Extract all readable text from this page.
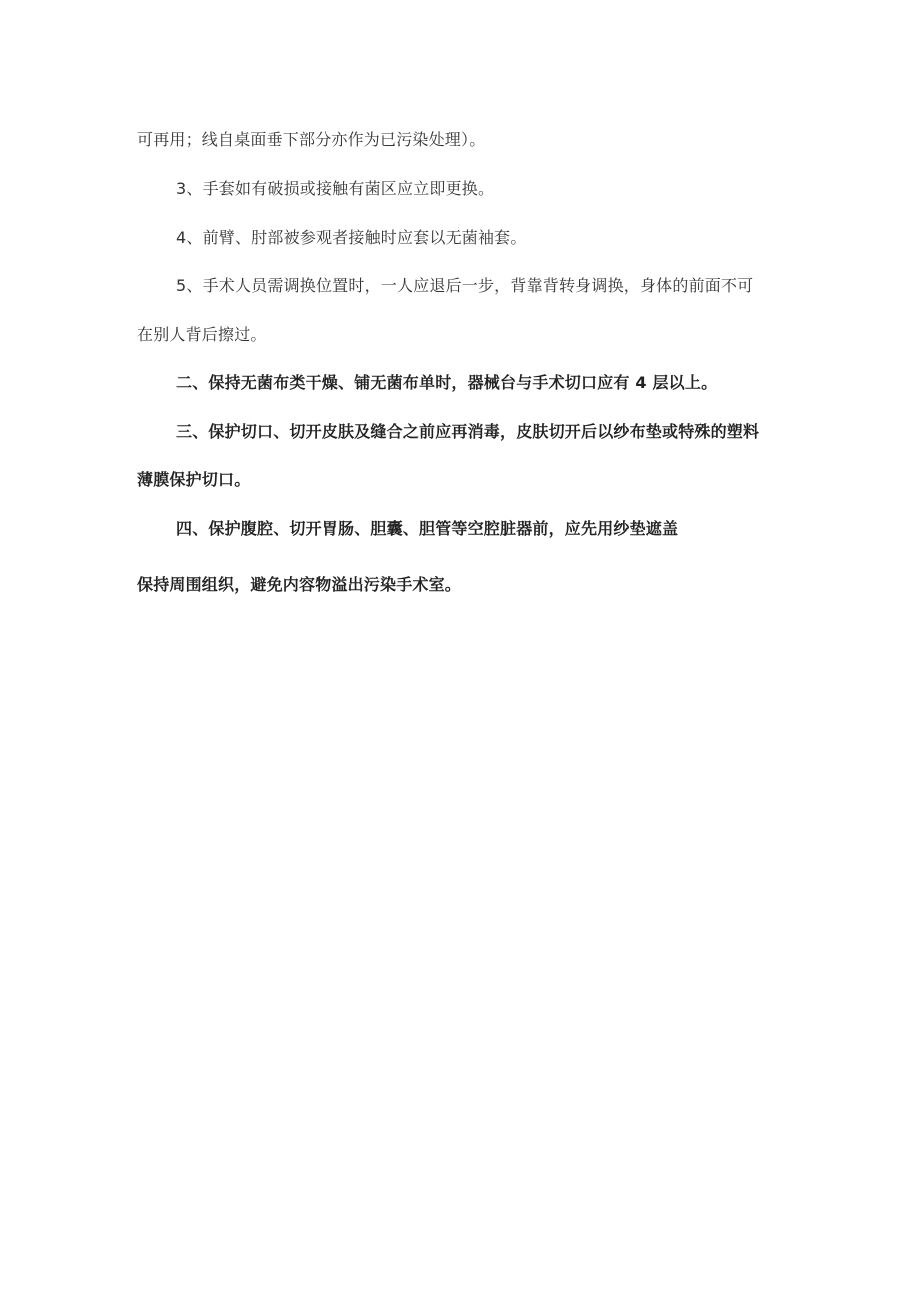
可再用；线自桌面垂下部分亦作为已污染处理）。
3、手套如有破损或接触有菌区应立即更换。
4、前臂、肘部被参观者接触时应套以无菌袖套。
5、手术人员需调换位置时，一人应退后一步，背靠背转身调换，身体的前面不可
在别人背后擦过。
二、保持无菌布类干燥、铺无菌布单时，器械台与手术切口应有 4 层以上。
三、保护切口、切开皮肤及缝合之前应再消毒，皮肤切开后以纱布垫或特殊的塑料
薄膜保护切口。
四、保护腹腔、切开胃肠、胆囊、胆管等空腔脏器前，应先用纱垫遮盖
保持周围组织，避免内容物溢出污染手术室。
